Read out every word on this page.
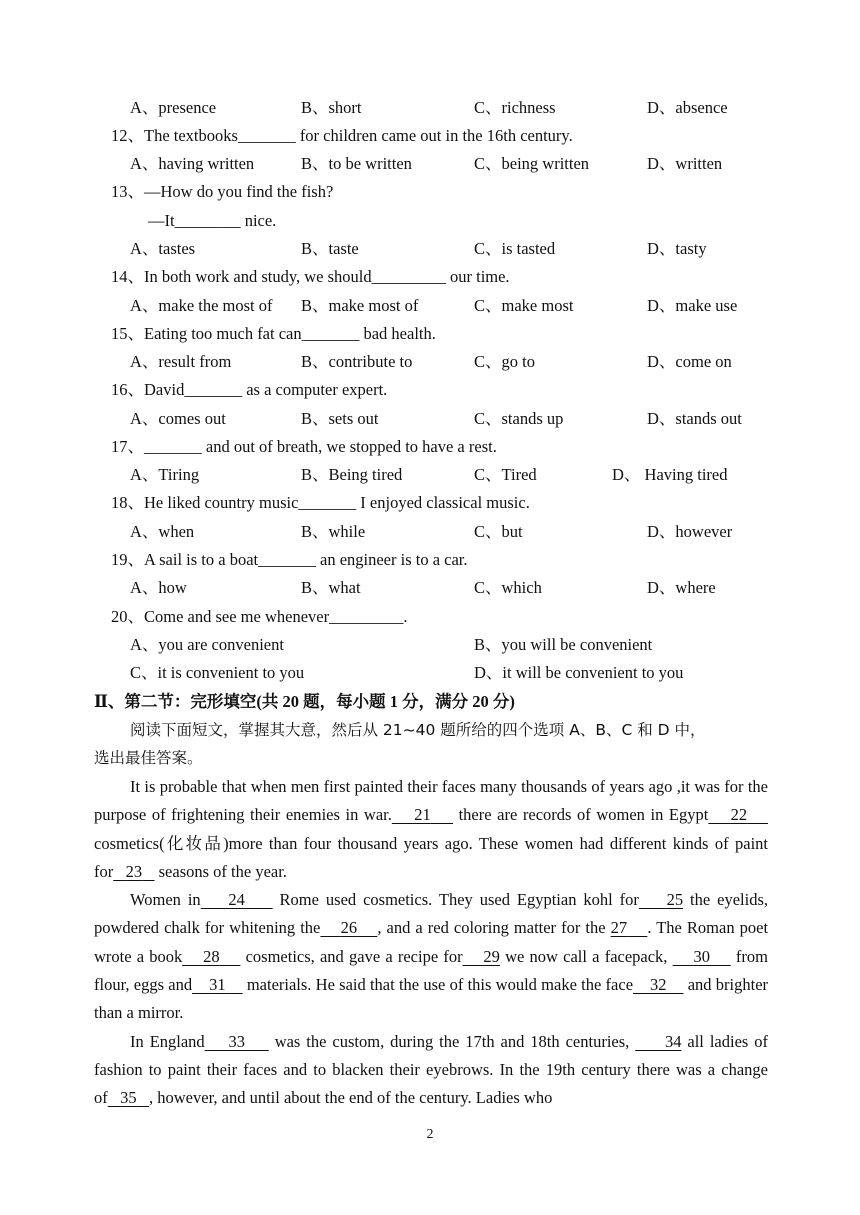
A、presence	B、short	C、richness	D、absence
12、The textbooks_______ for children came out in the 16th century.
A、having written	B、to be written	C、being written	D、written
13、—How do you find the fish?
—It________ nice.
A、tastes	B、taste	C、is tasted	D、tasty
14、In both work and study, we should_________ our time.
A、make the most of B、make most of	C、make most	D、make use
15、Eating too much fat can_______ bad health.
A、result from	B、contribute to	C、go to	D、come on
16、David_______ as a computer expert.
A、comes out	B、sets out	C、stands up	D、stands out
17、_______ and out of breath, we stopped to have a rest.
A、Tiring	B、Being tired	C、Tired	D、 Having tired
18、He liked country music_______ I enjoyed classical music.
A、when	B、while	C、but	D、however
19、A sail is to a boat_______ an engineer is to a car.
A、how	B、what	C、which	D、where
20、Come and see me whenever_________.
A、you are convenient	B、you will be convenient
C、it is convenient to you	D、it will be convenient to you
Ⅱ、第二节：完形填空(共 20 题，每小题 1 分，满分 20 分)
阅读下面短文，掌握其大意，然后从 21~40 题所给的四个选项 A、B、C 和 D 中，
选出最佳答案。

It is probable that when men first painted their faces many thousands of years ago ,it was for the purpose of frightening their enemies in war. 21     there are records of women in Egypt 22     cosmetics(化妆品)more than four thousand years ago. These women had different kinds of paint for 23    seasons of the year.

Women in 24     Rome used cosmetics. They used Egyptian kohl for 25 the eyelids, powdered chalk for whitening the 26 , and a red coloring matter for the 27 . The Roman poet wrote a book 28     cosmetics, and gave a recipe for 29 we now call a facepack,     30     from flour, eggs and 31     materials. He said that the use of this would make the face 32     and brighter than a mirror.

In England 33     was the custom, during the 17th and 18th centuries,      34 all ladies of fashion to paint their faces and to blacken their eyebrows. In the 19th century there was a change of 35 , however, and until about the end of the century. Ladies who

2
